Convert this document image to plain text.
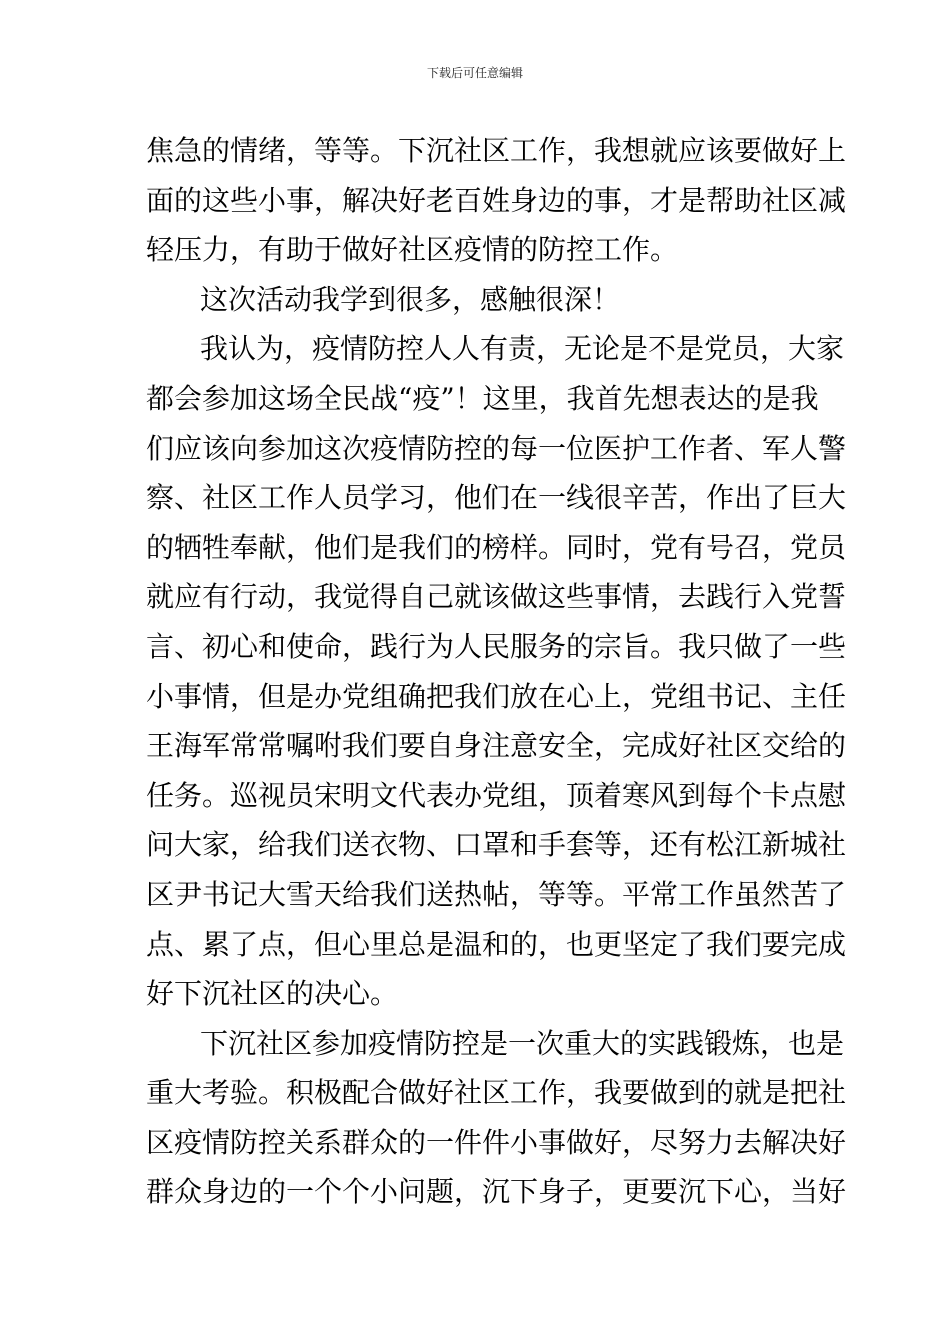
下载后可任意编辑
焦急的情绪，等等。下沉社区工作，我想就应该要做好上
面的这些小事，解决好老百姓身边的事，才是帮助社区减
轻压力，有助于做好社区疫情的防控工作。
这次活动我学到很多，感触很深！
我认为，疫情防控人人有责，无论是不是党员，大家
都会参加这场全民战“疫”！这里，我首先想表达的是我
们应该向参加这次疫情防控的每一位医护工作者、军人警
察、社区工作人员学习，他们在一线很辛苦，作出了巨大
的牺牲奉献，他们是我们的榜样。同时，党有号召，党员
就应有行动，我觉得自己就该做这些事情，去践行入党誓
言、初心和使命，践行为人民服务的宗旨。我只做了一些
小事情，但是办党组确把我们放在心上，党组书记、主任
王海军常常嘱咐我们要自身注意安全，完成好社区交给的
任务。巡视员宋明文代表办党组，顶着寒风到每个卡点慰
问大家，给我们送衣物、口罩和手套等，还有松江新城社
区尹书记大雪天给我们送热帖，等等。平常工作虽然苦了
点、累了点，但心里总是温和的，也更坚定了我们要完成
好下沉社区的决心。
下沉社区参加疫情防控是一次重大的实践锻炼，也是
重大考验。积极配合做好社区工作，我要做到的就是把社
区疫情防控关系群众的一件件小事做好，尽努力去解决好
群众身边的一个个小问题，沉下身子，更要沉下心，当好
